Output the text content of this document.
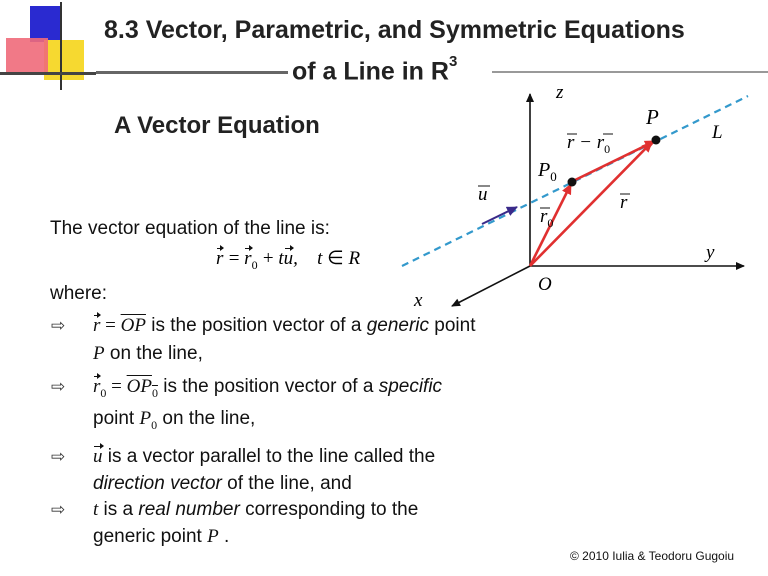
8.3 Vector, Parametric, and Symmetric Equations
of a Line in $R^3$
A Vector Equation
The vector equation of the line is:
$r = r_0$ + tu, t ∈ R
where:
⇨ $r = \overline{OP}$ is the position vector of a generic point
P on the line,
⇨ $r_0 = OP_0$ is the position vector of a specific
point $P_0$ on the line,
⇨ u is a vector parallel to the line called the
direction vector of the line, and
⇨ t is a real number corresponding to the
generic point P .
z
y
x
O
P
L
$P_0$
u	r
$r_0$
$r - r_0$
© 2010 Iulia & Teodoru Gugoiu
